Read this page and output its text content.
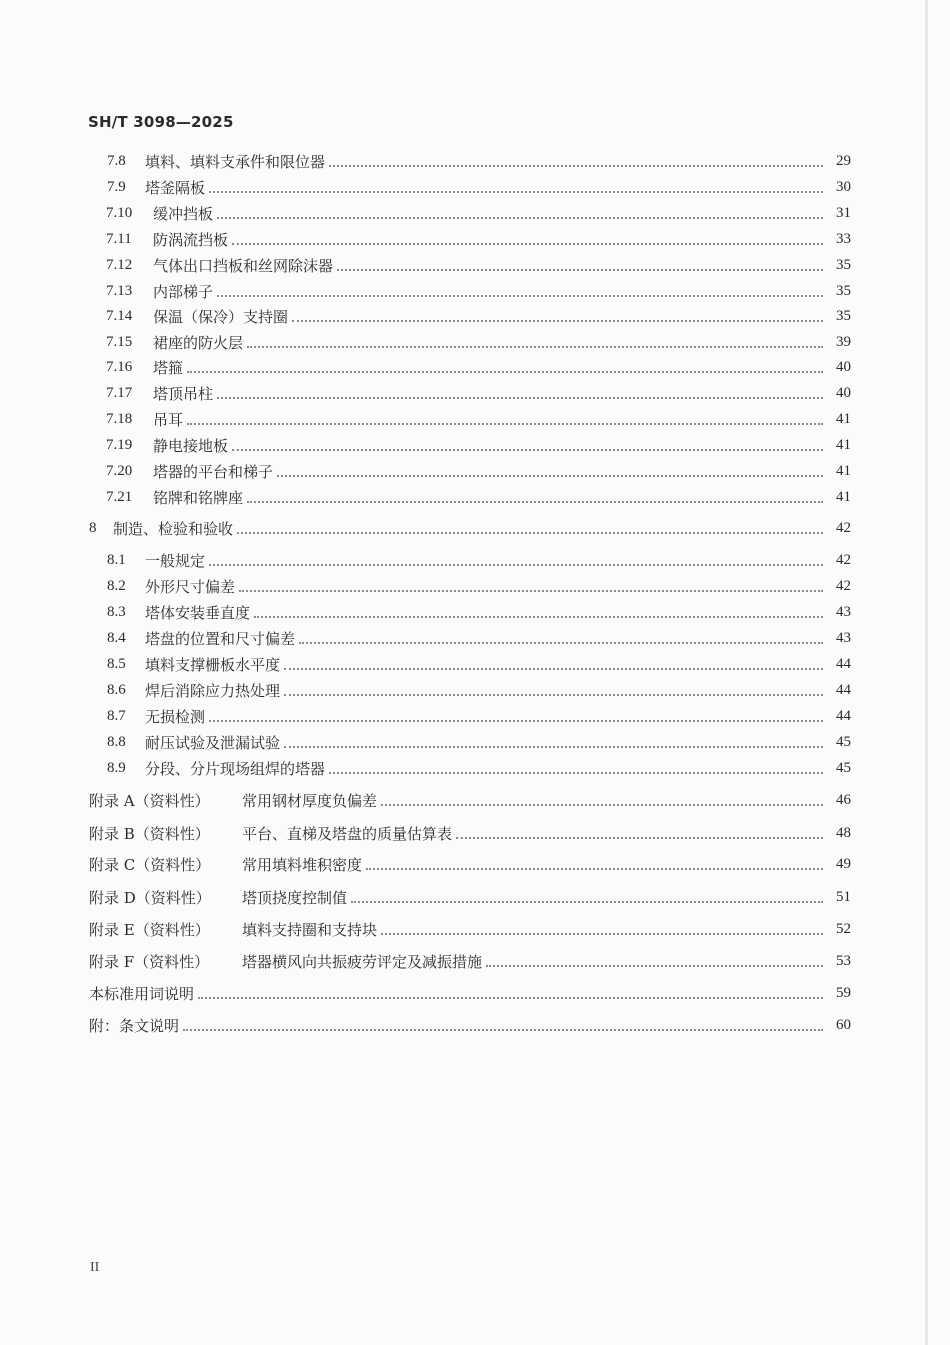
SH/T 3098—2025
7.8	填料、填料支承件和限位器	29
7.9	塔釜隔板	30
7.10	缓冲挡板	31
7.11	防涡流挡板	33
7.12	气体出口挡板和丝网除沫器	35
7.13	内部梯子	35
7.14	保温（保冷）支持圈	35
7.15	裙座的防火层	39
7.16	塔箍	40
7.17	塔顶吊柱	40
7.18	吊耳	41
7.19	静电接地板	41
7.20	塔器的平台和梯子	41
7.21	铭牌和铭牌座	41
8	制造、检验和验收	42
8.1	一般规定	42
8.2	外形尺寸偏差	42
8.3	塔体安装垂直度	43
8.4	塔盘的位置和尺寸偏差	43
8.5	填料支撑栅板水平度	44
8.6	焊后消除应力热处理	44
8.7	无损检测	44
8.8	耐压试验及泄漏试验	45
8.9	分段、分片现场组焊的塔器	45
附录 A（资料性）	常用钢材厚度负偏差	46
附录 B（资料性）	平台、直梯及塔盘的质量估算表	48
附录 C（资料性）	常用填料堆积密度	49
附录 D（资料性）	塔顶挠度控制值	51
附录 E（资料性）	填料支持圈和支持块	52
附录 F（资料性）	塔器横风向共振疲劳评定及减振措施	53
本标准用词说明	59
附：条文说明	60
II
